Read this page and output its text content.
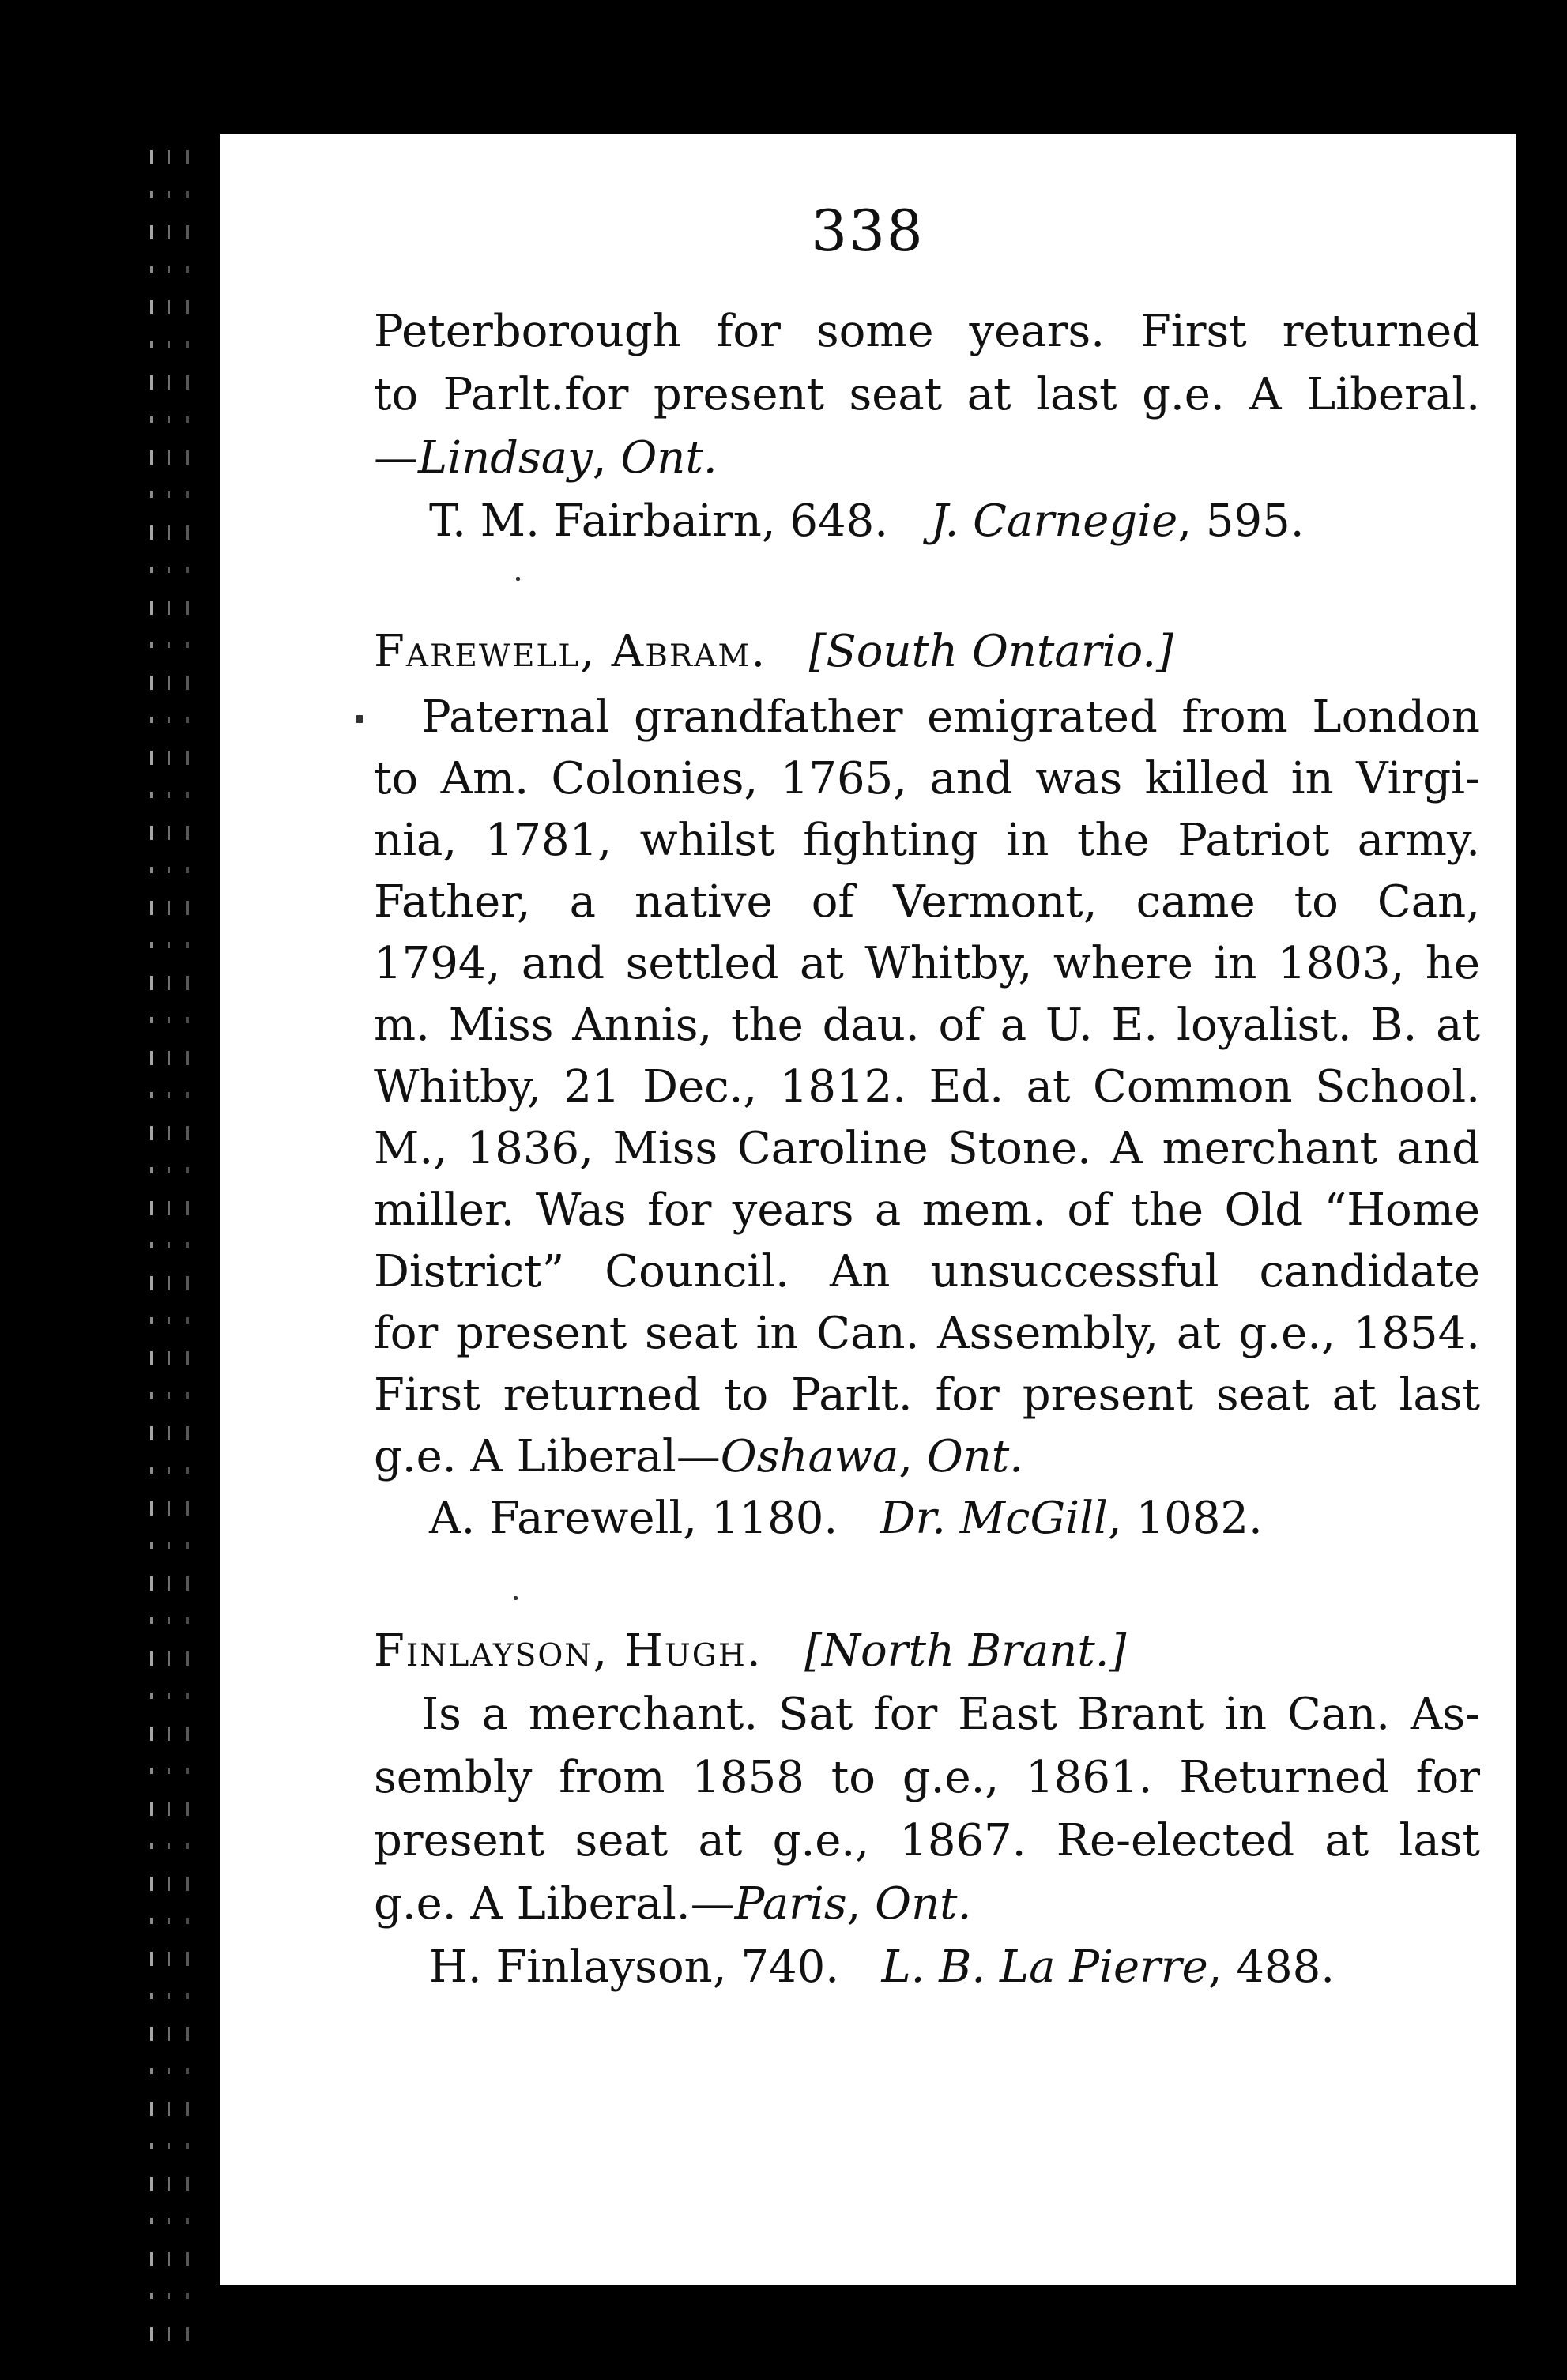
338
Peterborough for some years. First returned
to Parlt.for present seat at last g.e. A Liberal.
—Lindsay, Ont.
T. M. Fairbairn, 648.   J. Carnegie, 595.
Farewell, Abram. [South Ontario.]
Paternal grandfather emigrated from London
to Am. Colonies, 1765, and was killed in Virgi-
nia, 1781, whilst fighting in the Patriot army.
Father, a native of Vermont, came to Can,
1794, and settled at Whitby, where in 1803, he
m. Miss Annis, the dau. of a U. E. loyalist. B. at
Whitby, 21 Dec., 1812. Ed. at Common School.
M., 1836, Miss Caroline Stone. A merchant and
miller. Was for years a mem. of the Old “Home
District” Council. An unsuccessful candidate
for present seat in Can. Assembly, at g.e., 1854.
First returned to Parlt. for present seat at last
g.e. A Liberal—Oshawa, Ont.
A. Farewell, 1180.   Dr. McGill, 1082.
Finlayson, Hugh. [North Brant.]
Is a merchant. Sat for East Brant in Can. As-
sembly from 1858 to g.e., 1861. Returned for
present seat at g.e., 1867. Re-elected at last
g.e. A Liberal.—Paris, Ont.
H. Finlayson, 740.   L. B. La Pierre, 488.
